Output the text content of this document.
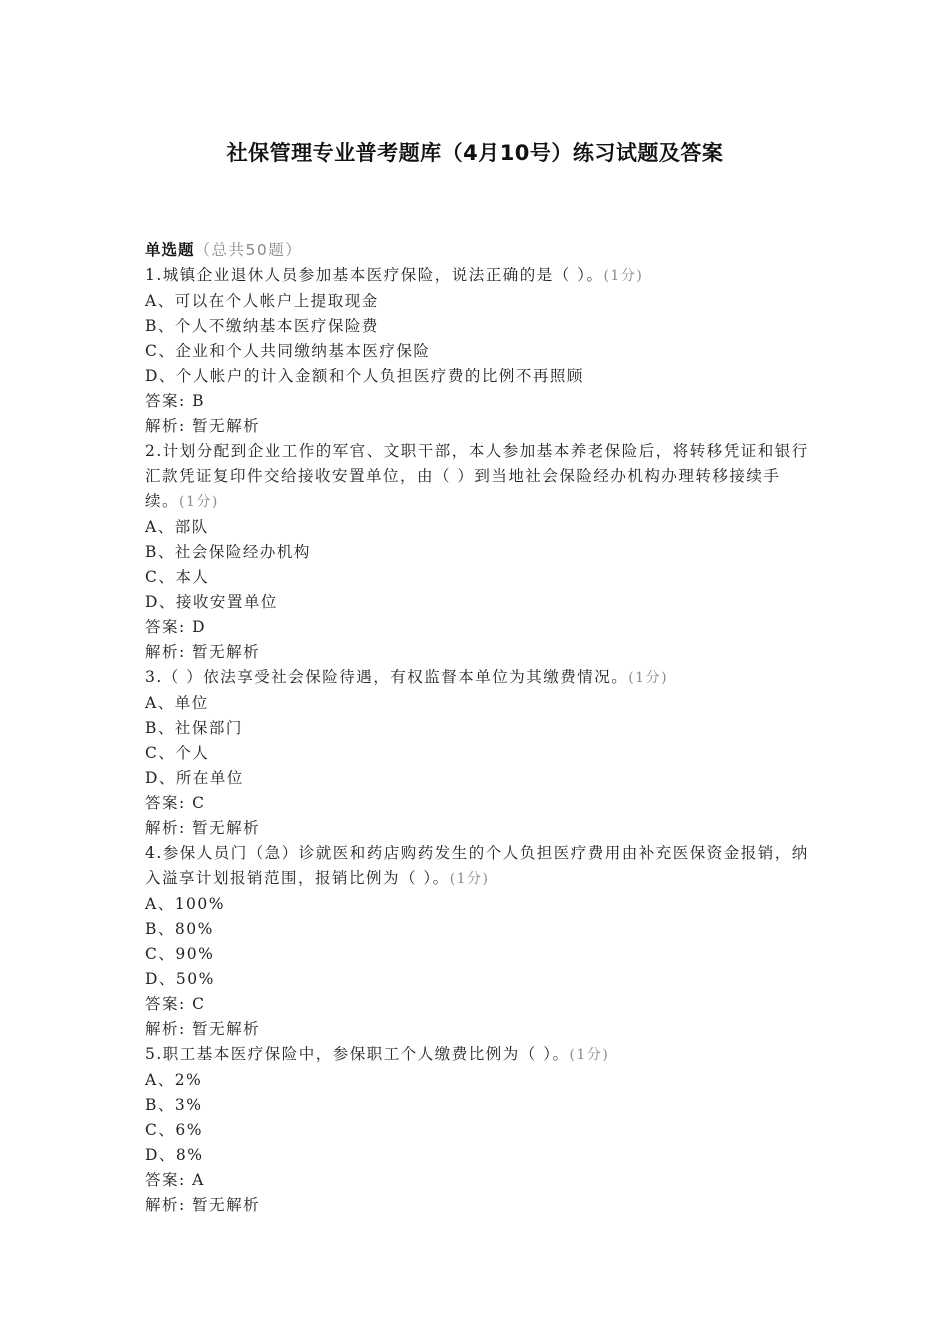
社保管理专业普考题库（4月10号）练习试题及答案
单选题（总共50题）
1.城镇企业退休人员参加基本医疗保险，说法正确的是（ ）。(1分)
A、可以在个人帐户上提取现金
B、个人不缴纳基本医疗保险费
C、企业和个人共同缴纳基本医疗保险
D、个人帐户的计入金额和个人负担医疗费的比例不再照顾
答案: B
解析: 暂无解析
2.计划分配到企业工作的军官、文职干部，本人参加基本养老保险后，将转移凭证和银行汇款凭证复印件交给接收安置单位，由（ ）到当地社会保险经办机构办理转移接续手续。(1分)
A、部队
B、社会保险经办机构
C、本人
D、接收安置单位
答案: D
解析: 暂无解析
3.（ ）依法享受社会保险待遇，有权监督本单位为其缴费情况。(1分)
A、单位
B、社保部门
C、个人
D、所在单位
答案: C
解析: 暂无解析
4.参保人员门（急）诊就医和药店购药发生的个人负担医疗费用由补充医保资金报销，纳入溢享计划报销范围，报销比例为（ ）。(1分)
A、100%
B、80%
C、90%
D、50%
答案: C
解析: 暂无解析
5.职工基本医疗保险中，参保职工个人缴费比例为（ ）。(1分)
A、2%
B、3%
C、6%
D、8%
答案: A
解析: 暂无解析
